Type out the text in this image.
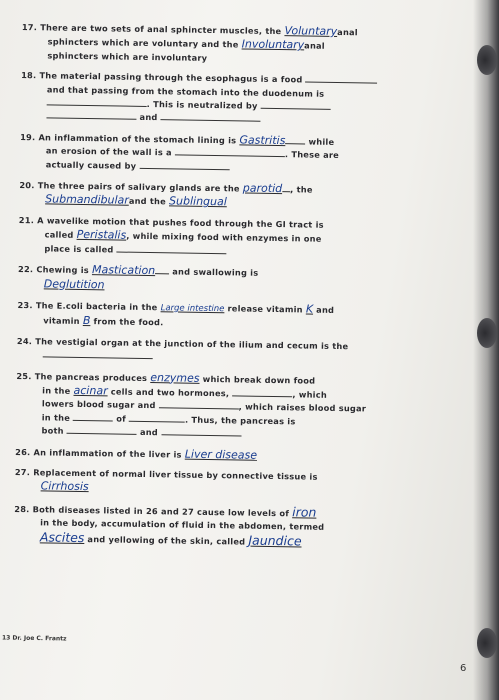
17. There are two sets of anal sphincter muscles, the Voluntaryanal
sphincters which are voluntary and the Involuntaryanal
sphincters which are involuntary
18. The material passing through the esophagus is a food
and that passing from the stomach into the duodenum is
. This is neutralized by
and
19. An inflammation of the stomach lining is Gastritis while
an erosion of the wall is a	. These are
actually caused by
20. The three pairs of salivary glands are the parotid , the
Submandibularand the Sublingual
21. A wavelike motion that pushes food through the GI tract is
called Peristalis, while mixing food with enzymes in one
place is called
22. Chewing is Mastication and swallowing is
Deglutition
23. The E.coli bacteria in the Large intestine release vitamin K and
vitamin B from the food.
24. The vestigial organ at the junction of the ilium and cecum is the
25. The pancreas produces enzymes which break down food
in the acinar cells and two hormones,	, which
lowers blood sugar and	, which raises blood sugar
in the	of	. Thus, the pancreas is
both	and
26. An inflammation of the liver is Liver disease
27. Replacement of normal liver tissue by connective tissue is
Cirrhosis
28. Both diseases listed in 26 and 27 cause low levels of iron
in the body, accumulation of fluid in the abdomen, termed
Ascites and yellowing of the skin, called Jaundice
13 Dr. Joe C. Frantz
6
